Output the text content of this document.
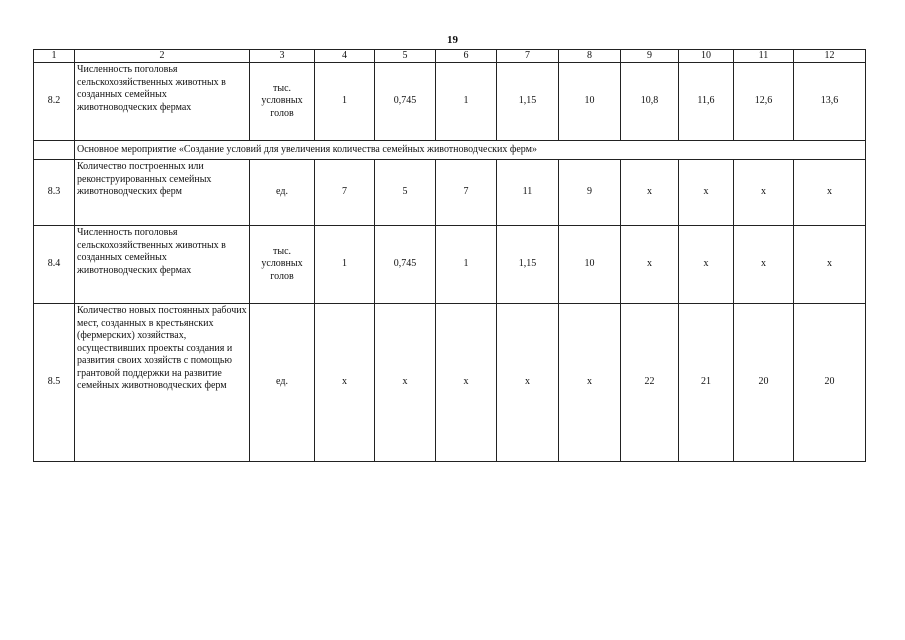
19
1	2	3	4	5	6	7	8	9	10	11	12
8.2	Численность поголовья сельскохозяйственных животных в созданных семейных животноводческих фермах	тыс. условных голов	1	0,745	1	1,15	10	10,8	11,6	12,6	13,6
	Основное мероприятие «Создание условий для увеличения количества семейных животноводческих ферм»										
8.3	Количество построенных или реконструированных семейных животноводческих ферм	ед.	7	5	7	11	9	x	x	x	x
8.4	Численность поголовья сельскохозяйственных животных в созданных семейных животноводческих фермах	тыс. условных голов	1	0,745	1	1,15	10	x	x	x	x
8.5	Количество новых постоянных рабочих мест, созданных в крестьянских (фермерских) хозяйствах, осуществивших проекты создания и развития своих хозяйств с помощью грантовой поддержки на развитие семейных животноводческих ферм	ед.	x	x	x	x	x	22	21	20	20
